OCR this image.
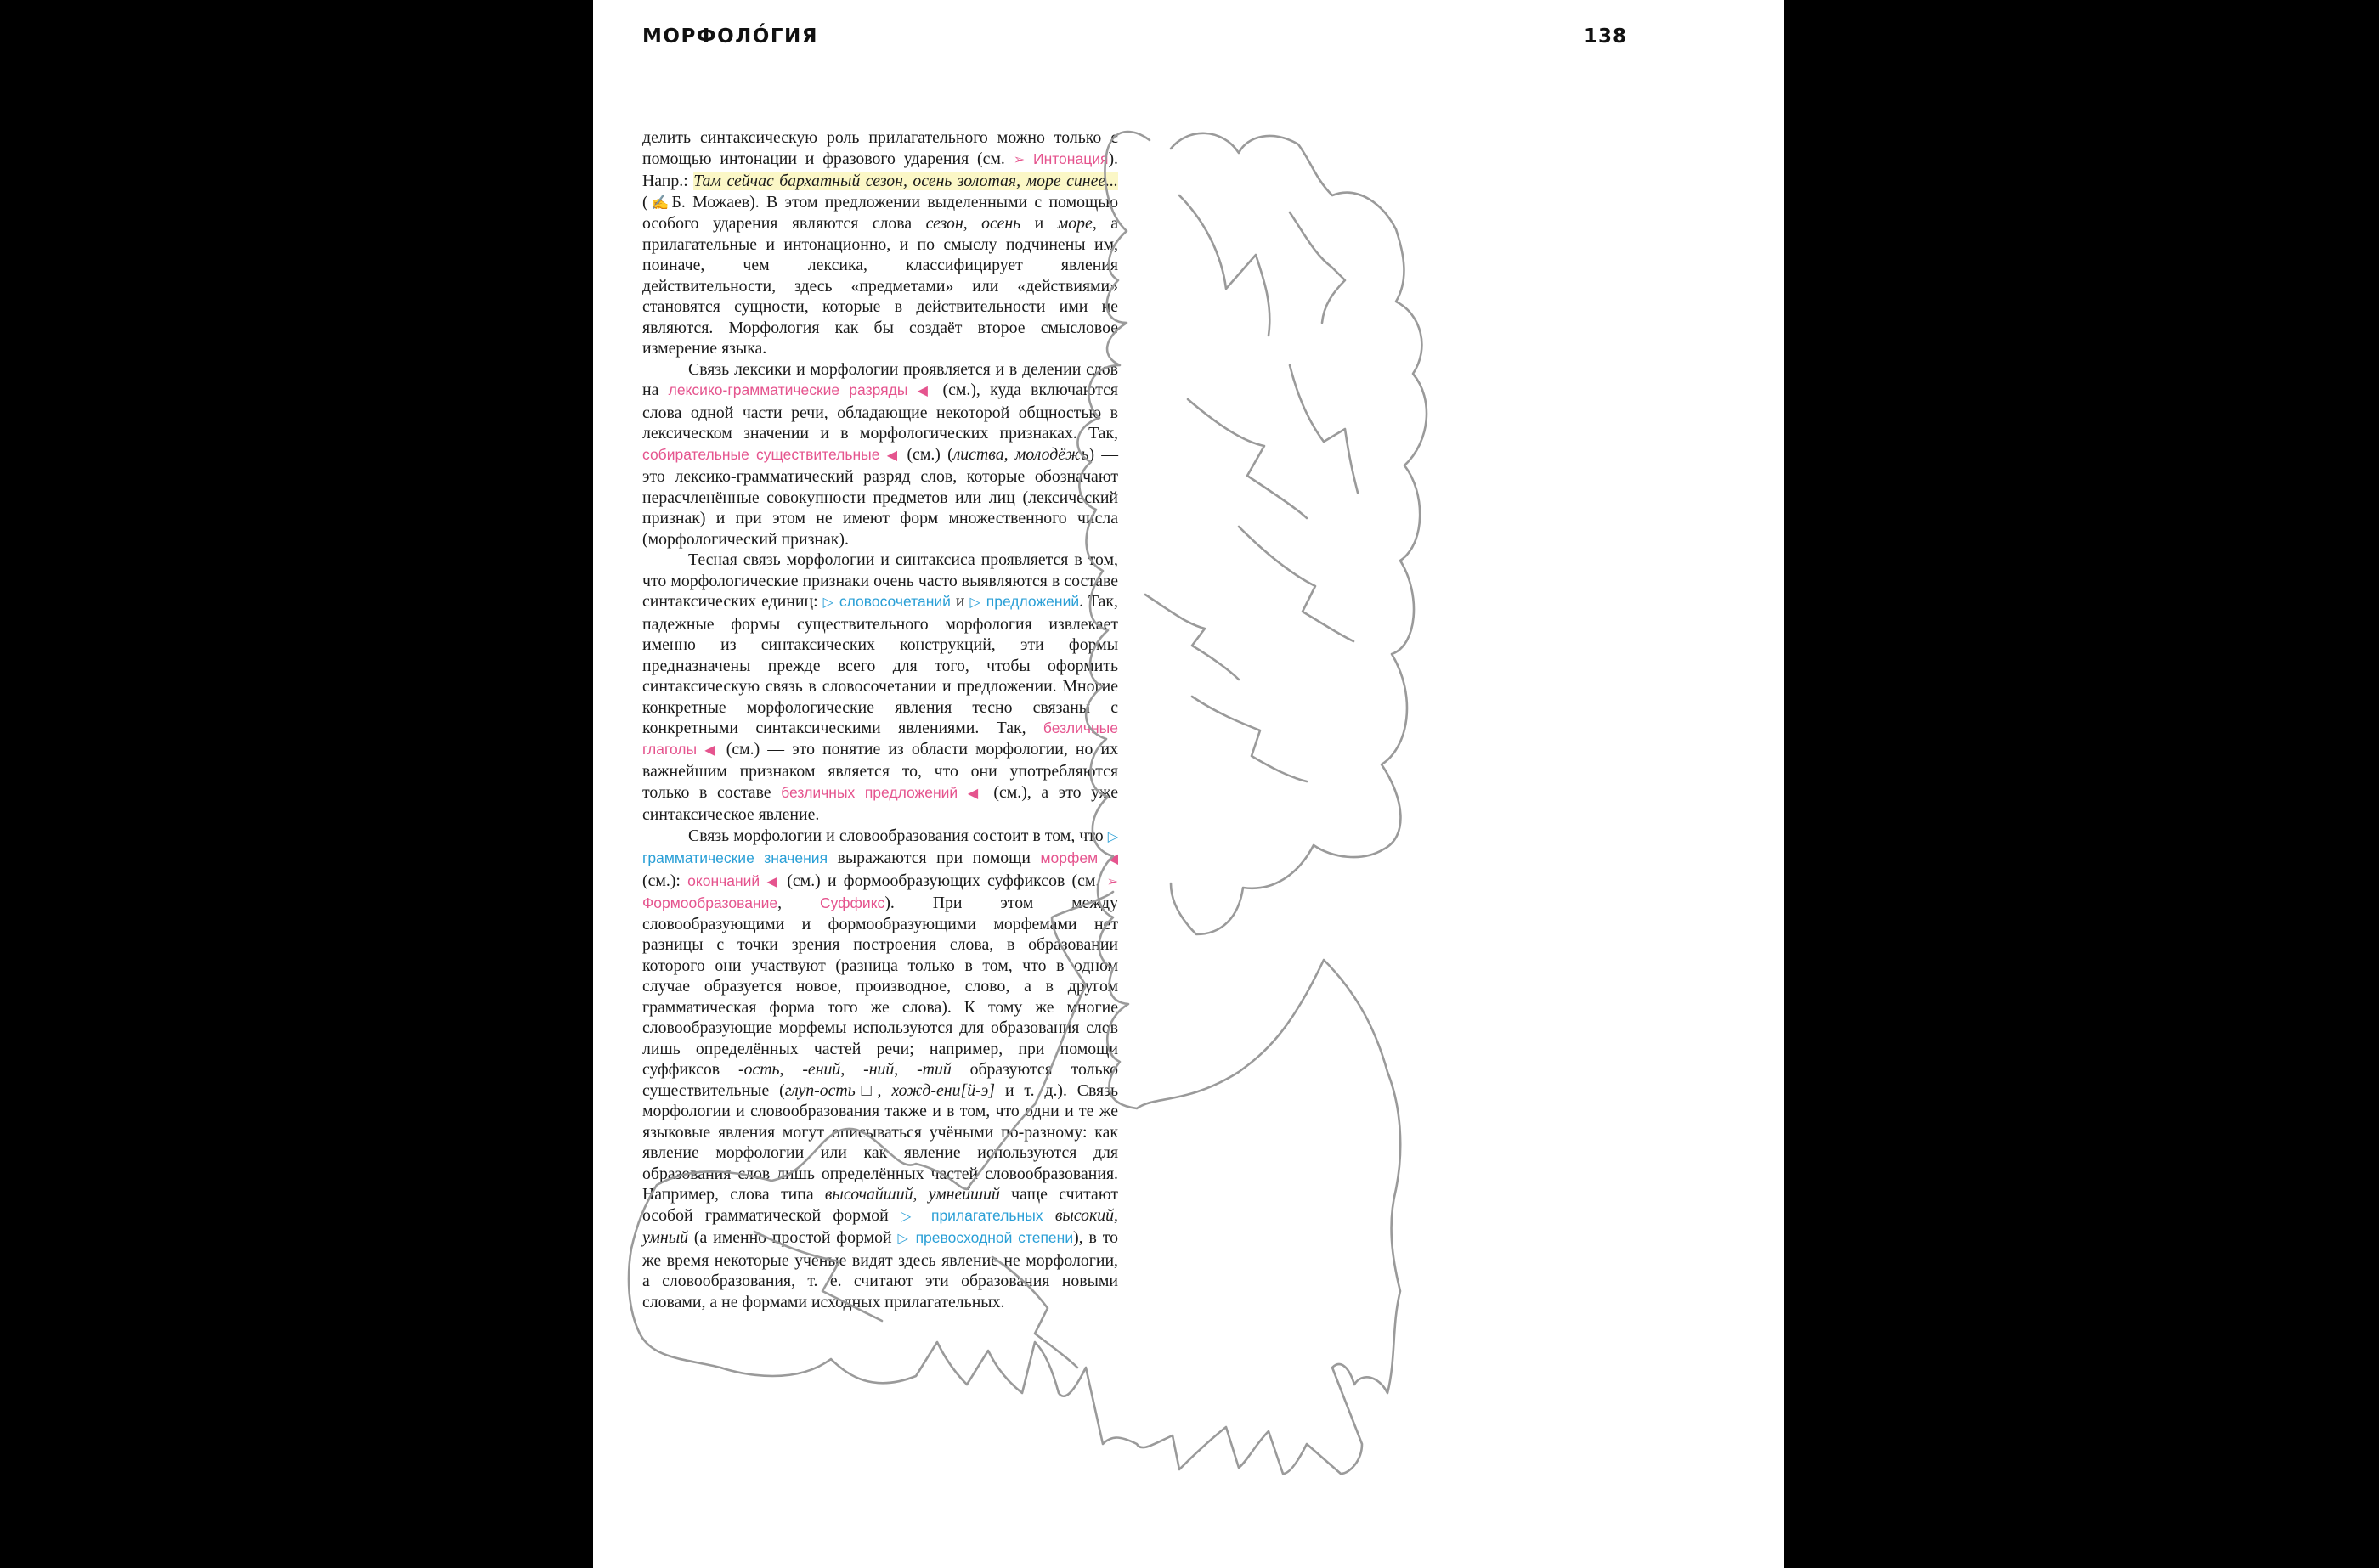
МОРФОЛО́ГИЯ	138

делить синтаксическую роль прилагательного можно только с помощью интонации и фразового ударения (см. ➢ Интонация). Напр.: Там сейчас бархатный сезон, осень золотая, море синее... (✍Б. Можаев). В этом предложении выделенными с помощью особого ударения являются слова сезон, осень и море, а прилагательные и интонационно, и по смыслу подчинены им, поиначе, чем лексика, классифицирует явления действительности, здесь «предметами» или «действиями» становятся сущности, которые в действительности ими не являются. Морфология как бы создаёт второе смысловое измерение языка.

Связь лексики и морфологии проявляется и в делении слов на лексико-грамматические разряды ◀ (см.), куда включаются слова одной части речи, обладающие некоторой общностью в лексическом значении и в морфологических признаках. Так, собирательные существительные ◀ (см.) (листва, молодёжь) — это лексико-грамматический разряд слов, которые обозначают нерасчленённые совокупности предметов или лиц (лексический признак) и при этом не имеют форм множественного числа (морфологический признак).

Тесная связь морфологии и синтаксиса проявляется в том, что морфологические признаки очень часто выявляются в составе синтаксических единиц: ▷ словосочетаний и ▷ предложений. Так, падежные формы существительного морфология извлекает именно из синтаксических конструкций, эти формы предназначены прежде всего для того, чтобы оформить синтаксическую связь в словосочетании и предложении. Многие конкретные морфологические явления тесно связаны с конкретными синтаксическими явлениями. Так, безличные глаголы ◀ (см.) — это понятие из области морфологии, но их важнейшим признаком является то, что они употребляются только в составе безличных предложений ◀ (см.), а это уже синтаксическое явление.

Связь морфологии и словообразования состоит в том, что ▷ грамматические значения выражаются при помощи морфем ◀ (см.): окончаний ◀ (см.) и формообразующих суффиксов (см. ➢ Формообразование, Суффикс). При этом между словообразующими и формообразующими морфемами нет разницы с точки зрения построения слова, в образовании которого они участвуют (разница только в том, что в одном случае образуется новое, производное, слово, а в другом грамматическая форма того же слова). К тому же многие словообразующие морфемы используются для образования слов лишь определённых частей речи; например, при помощи суффиксов -ость, -ений, -ний, -тий образуются только существительные (глуп-ость□, хожд-ени[й-э] и т. д.). Связь морфологии и словообразования также и в том, что одни и те же языковые явления могут описываться учёными по-разному: как явление морфологии или как явление используются для образования слов лишь определённых частей словообразования. Например, слова типа высочайший, умнейший чаще считают особой грамматической формой ▷ прилагательных высокий, умный (а именно простой формой ▷ превосходной степени), в то же время некоторые учёные видят здесь явление не морфологии, а словообразования, т. е. считают эти образования новыми словами, а не формами исходных прилагательных.
